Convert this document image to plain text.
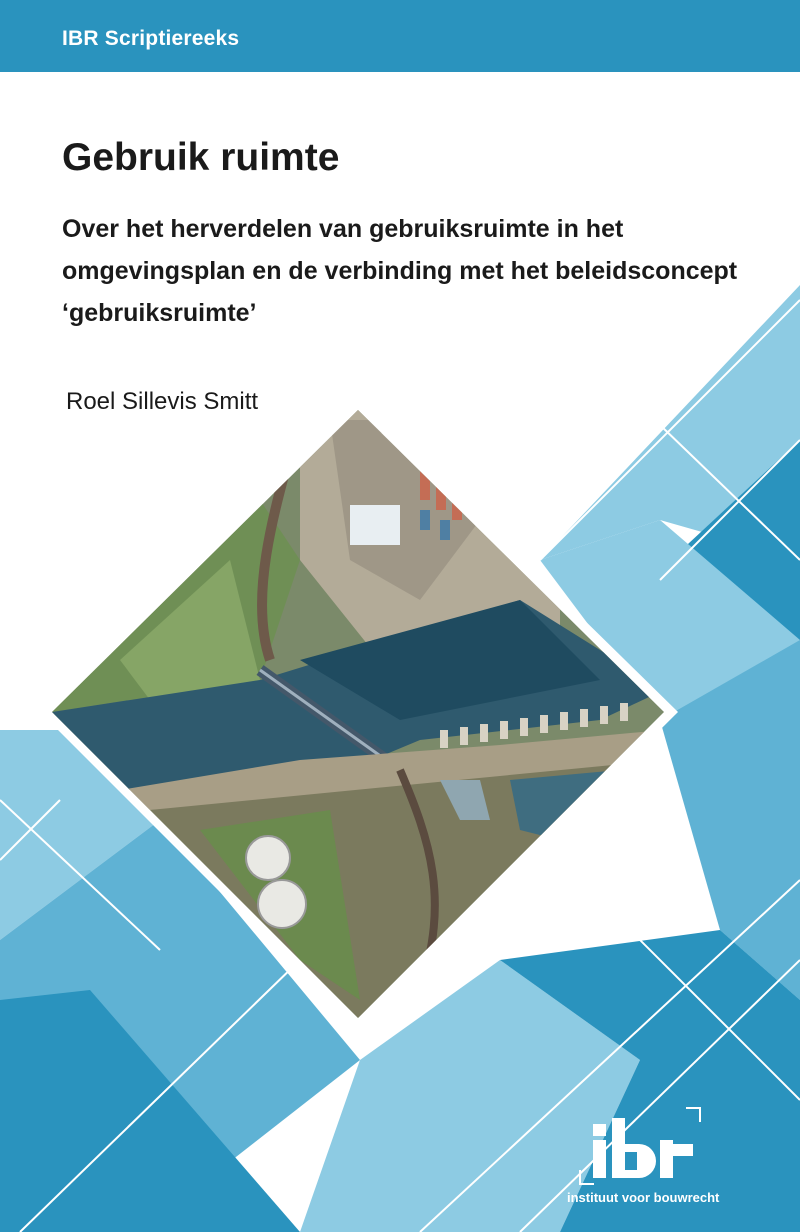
IBR Scriptiereeks
Gebruik ruimte

Over het herverdelen van gebruiksruimte in het omgevingsplan en de verbinding met het beleidsconcept ‘gebruiksruimte’

Roel Sillevis Smitt
instituut voor bouwrecht
